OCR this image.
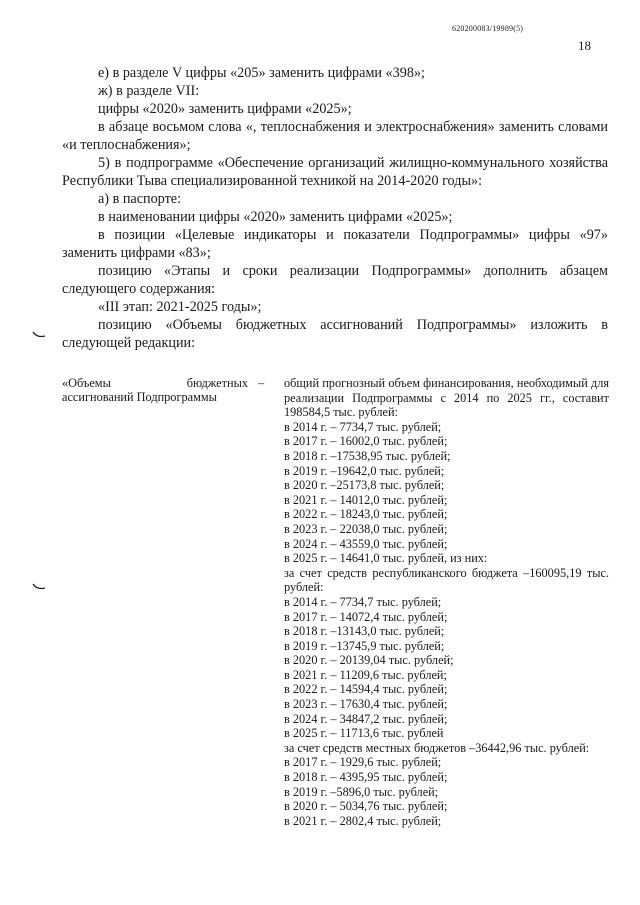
620200083/19989(5)
18

е) в разделе V цифры «205» заменить цифрами «398»;

ж) в разделе VII:

цифры «2020» заменить цифрами «2025»;

в абзаце восьмом слова «, теплоснабжения и электроснабжения» заменить словами «и теплоснабжения»;

5) в подпрограмме «Обеспечение организаций жилищно-коммунального хозяйства Республики Тыва специализированной техникой на 2014-2020 годы»:

а) в паспорте:

в наименовании цифры «2020» заменить цифрами «2025»;

в позиции «Целевые индикаторы и показатели Подпрограммы» цифры «97» заменить цифрами «83»;

позицию «Этапы и сроки реализации Подпрограммы» дополнить абзацем следующего содержания:

«III этап: 2021-2025 годы»;

позицию «Объемы бюджетных ассигнований Подпрограммы» изложить в следующей редакции:

«Объемы бюджетных ассигнований Подпрограммы
– общий прогнозный объем финансирования, необходимый для реализации Подпрограммы с 2014 по 2025 гг., составит 198584,5 тыс. рублей:
в 2014 г. – 7734,7 тыс. рублей;
в 2017 г. – 16002,0 тыс. рублей;
в 2018 г. –17538,95 тыс. рублей;
в 2019 г. –19642,0 тыс. рублей;
в 2020 г. –25173,8 тыс. рублей;
в 2021 г. – 14012,0 тыс. рублей;
в 2022 г. – 18243,0 тыс. рублей;
в 2023 г. – 22038,0 тыс. рублей;
в 2024 г. – 43559,0 тыс. рублей;
в 2025 г. – 14641,0 тыс. рублей, из них:
за счет средств республиканского бюджета –160095,19 тыс. рублей:
в 2014 г. – 7734,7 тыс. рублей;
в 2017 г. – 14072,4 тыс. рублей;
в 2018 г. –13143,0 тыс. рублей;
в 2019 г. –13745,9 тыс. рублей;
в 2020 г. – 20139,04 тыс. рублей;
в 2021 г. – 11209,6 тыс. рублей;
в 2022 г. – 14594,4 тыс. рублей;
в 2023 г. – 17630,4 тыс. рублей;
в 2024 г. – 34847,2 тыс. рублей;
в 2025 г. – 11713,6 тыс. рублей
за счет средств местных бюджетов –36442,96 тыс. рублей:
в 2017 г. – 1929,6 тыс. рублей;
в 2018 г. – 4395,95 тыс. рублей;
в 2019 г. –5896,0 тыс. рублей;
в 2020 г. – 5034,76 тыс. рублей;
в 2021 г. – 2802,4 тыс. рублей;
